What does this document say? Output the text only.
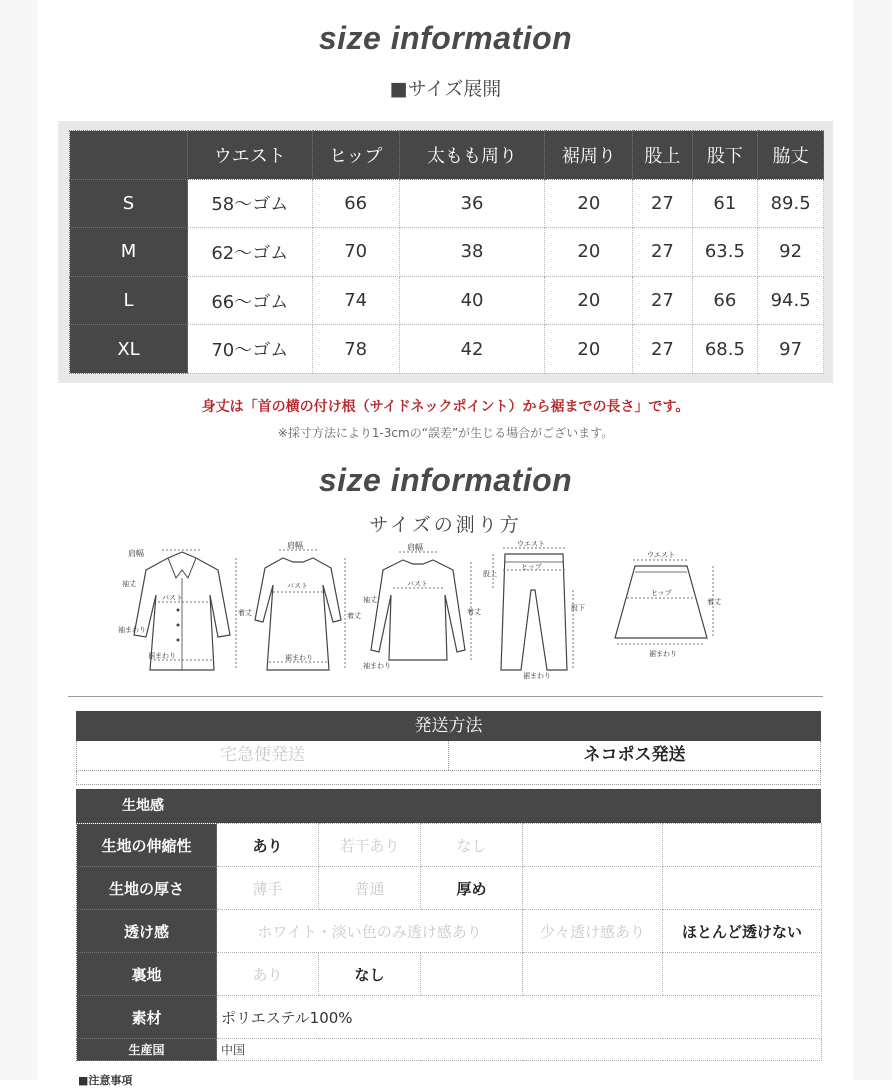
size information
■サイズ展開
	ウエスト	ヒップ	太もも周り	裾周り	股上	股下	脇丈
S	58〜ゴム	66	36	20	27	61	89.5
M	62〜ゴム	70	38	20	27	63.5	92
L	66〜ゴム	74	40	20	27	66	94.5
XL	70〜ゴム	78	42	20	27	68.5	97
身丈は「首の横の付け根（サイドネックポイント）から裾までの長さ」です。
※採寸方法により1-3cmの“誤差”が生じる場合がございます。
size information
サイズの測り方
肩幅
袖丈
バスト
着丈
袖まわり
裾まわり
肩幅
バスト
着丈
裾まわり
肩幅
バスト
袖丈
着丈
袖まわり
ウエスト
ヒップ
股上
股下
裾まわり
ウエスト
ヒップ
着丈
裾まわり
発送方法
宅急便発送	ネコポス発送
生地感
生地の伸縮性	あり	若干あり	なし		
生地の厚さ	薄手	普通	厚め		
透け感	ホワイト・淡い色のみ透け感あり			少々透け感あり	ほとんど透けない
裏地	あり	なし			
素材	ポリエステル100%				
生産国	中国				
■注意事項
